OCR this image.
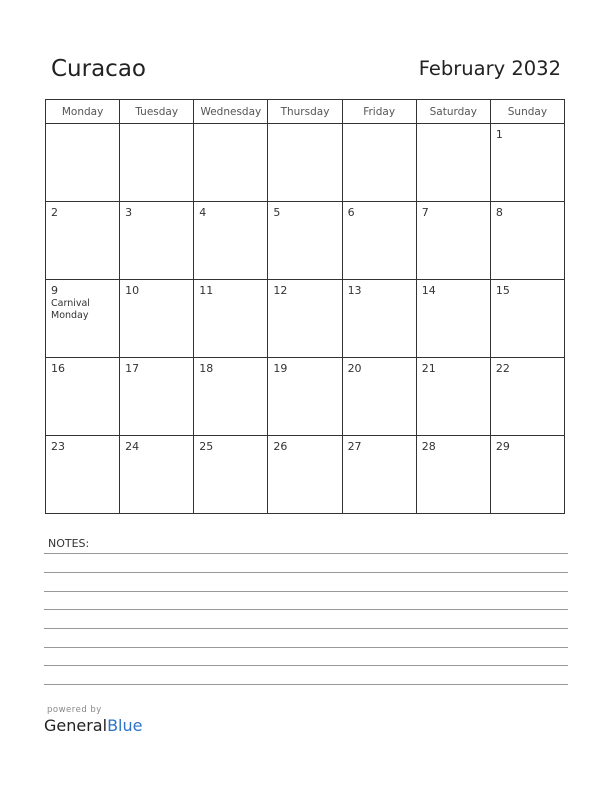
Curacao	February 2032
Monday	Tuesday	Wednesday	Thursday	Friday	Saturday	Sunday

						1

2	3	4	5	6	7	8

9
Carnival Monday	10	11	12	13	14	15

16	17	18	19	20	21	22

23	24	25	26	27	28	29
NOTES:
powered by
GeneralBlue
